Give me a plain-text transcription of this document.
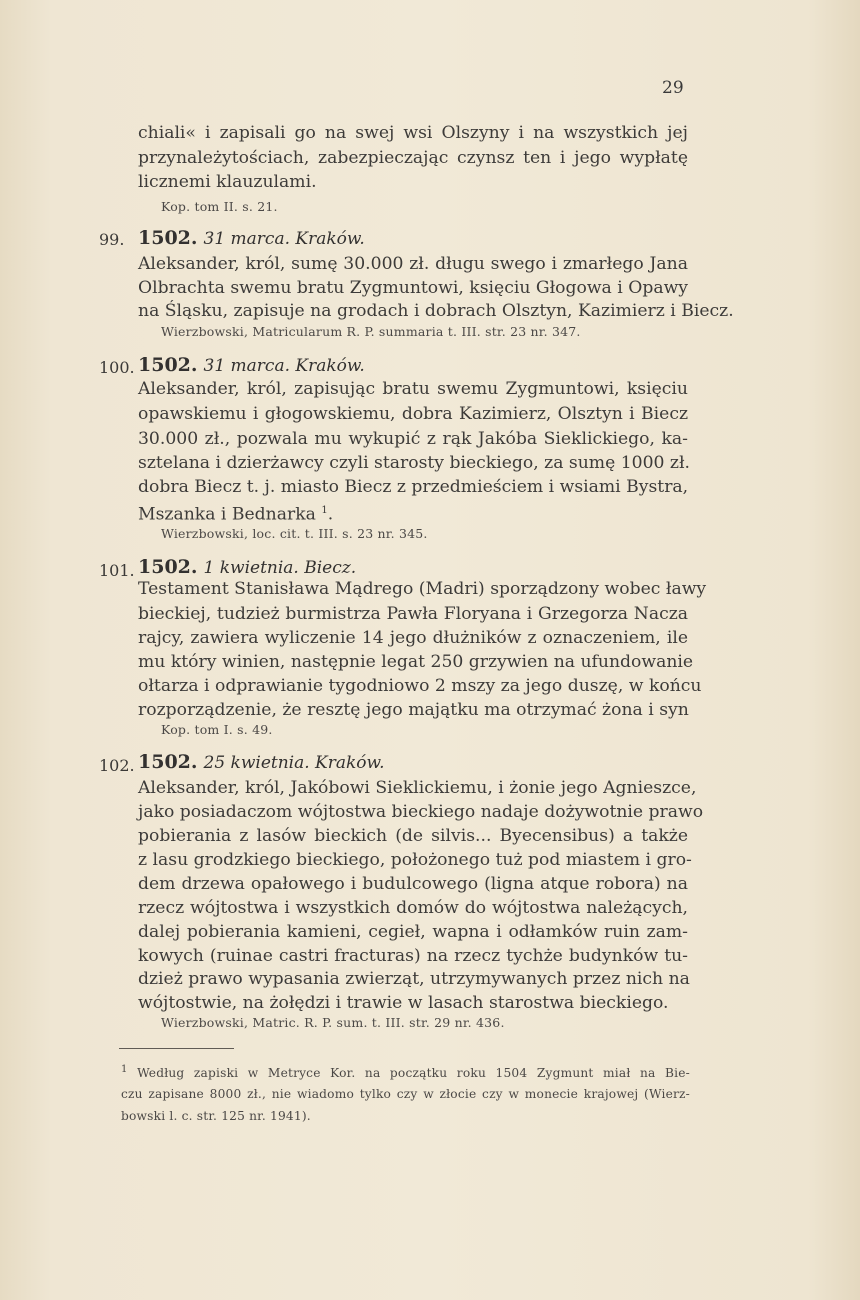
29
chiali« i zapisali go na swej wsi Olszyny i na wszystkich jej
przynależytościach, zabezpieczając czynsz ten i jego wypłatę
licznemi klauzulami.
Kop. tom II. s. 21.
99. 1502. 31 marca. Kraków.
Aleksander, król, sumę 30.000 zł. długu swego i zmarłego Jana
Olbrachta swemu bratu Zygmuntowi, księciu Głogowa i Opawy
na Śląsku, zapisuje na grodach i dobrach Olsztyn, Kazimierz i Biecz.
Wierzbowski, Matricularum R. P. summaria t. III. str. 23 nr. 347.
100. 1502. 31 marca. Kraków.
Aleksander, król, zapisując bratu swemu Zygmuntowi, księciu
opawskiemu i głogowskiemu, dobra Kazimierz, Olsztyn i Biecz
30.000 zł., pozwala mu wykupić z rąk Jakóba Sieklickiego, ka-
sztelana i dzierżawcy czyli starosty bieckiego, za sumę 1000 zł.
dobra Biecz t. j. miasto Biecz z przedmieściem i wsiami Bystra,
Mszanka i Bednarka $^1$.
Wierzbowski, loc. cit. t. III. s. 23 nr. 345.
101. 1502. 1 kwietnia. Biecz.
Testament Stanisława Mądrego (Madri) sporządzony wobec ławy
bieckiej, tudzież burmistrza Pawła Floryana i Grzegorza Nacza
rajcy, zawiera wyliczenie 14 jego dłużników z oznaczeniem, ile
mu który winien, następnie legat 250 grzywien na ufundowanie
ołtarza i odprawianie tygodniowo 2 mszy za jego duszę, w końcu
rozporządzenie, że resztę jego majątku ma otrzymać żona i syn
Kop. tom I. s. 49.
102. 1502. 25 kwietnia. Kraków.
Aleksander, król, Jakóbowi Sieklickiemu, i żonie jego Agnieszce,
jako posiadaczom wójtostwa bieckiego nadaje dożywotnie prawo
pobierania z lasów bieckich (de silvis... Byecensibus) a także
z lasu grodzkiego bieckiego, położonego tuż pod miastem i gro-
dem drzewa opałowego i budulcowego (ligna atque robora) na
rzecz wójtostwa i wszystkich domów do wójtostwa należących,
dalej pobierania kamieni, cegieł, wapna i odłamków ruin zam-
kowych (ruinae castri fracturas) na rzecz tychże budynków tu-
dzież prawo wypasania zwierząt, utrzymywanych przez nich na
wójtostwie, na żołędzi i trawie w lasach starostwa bieckiego.
Wierzbowski, Matric. R. P. sum. t. III. str. 29 nr. 436.
$^1$ Według zapiski w Metryce Kor. na początku roku 1504 Zygmunt miał na Bie-
czu zapisane 8000 zł., nie wiadomo tylko czy w złocie czy w monecie krajowej (Wierz-
bowski l. c. str. 125 nr. 1941).
